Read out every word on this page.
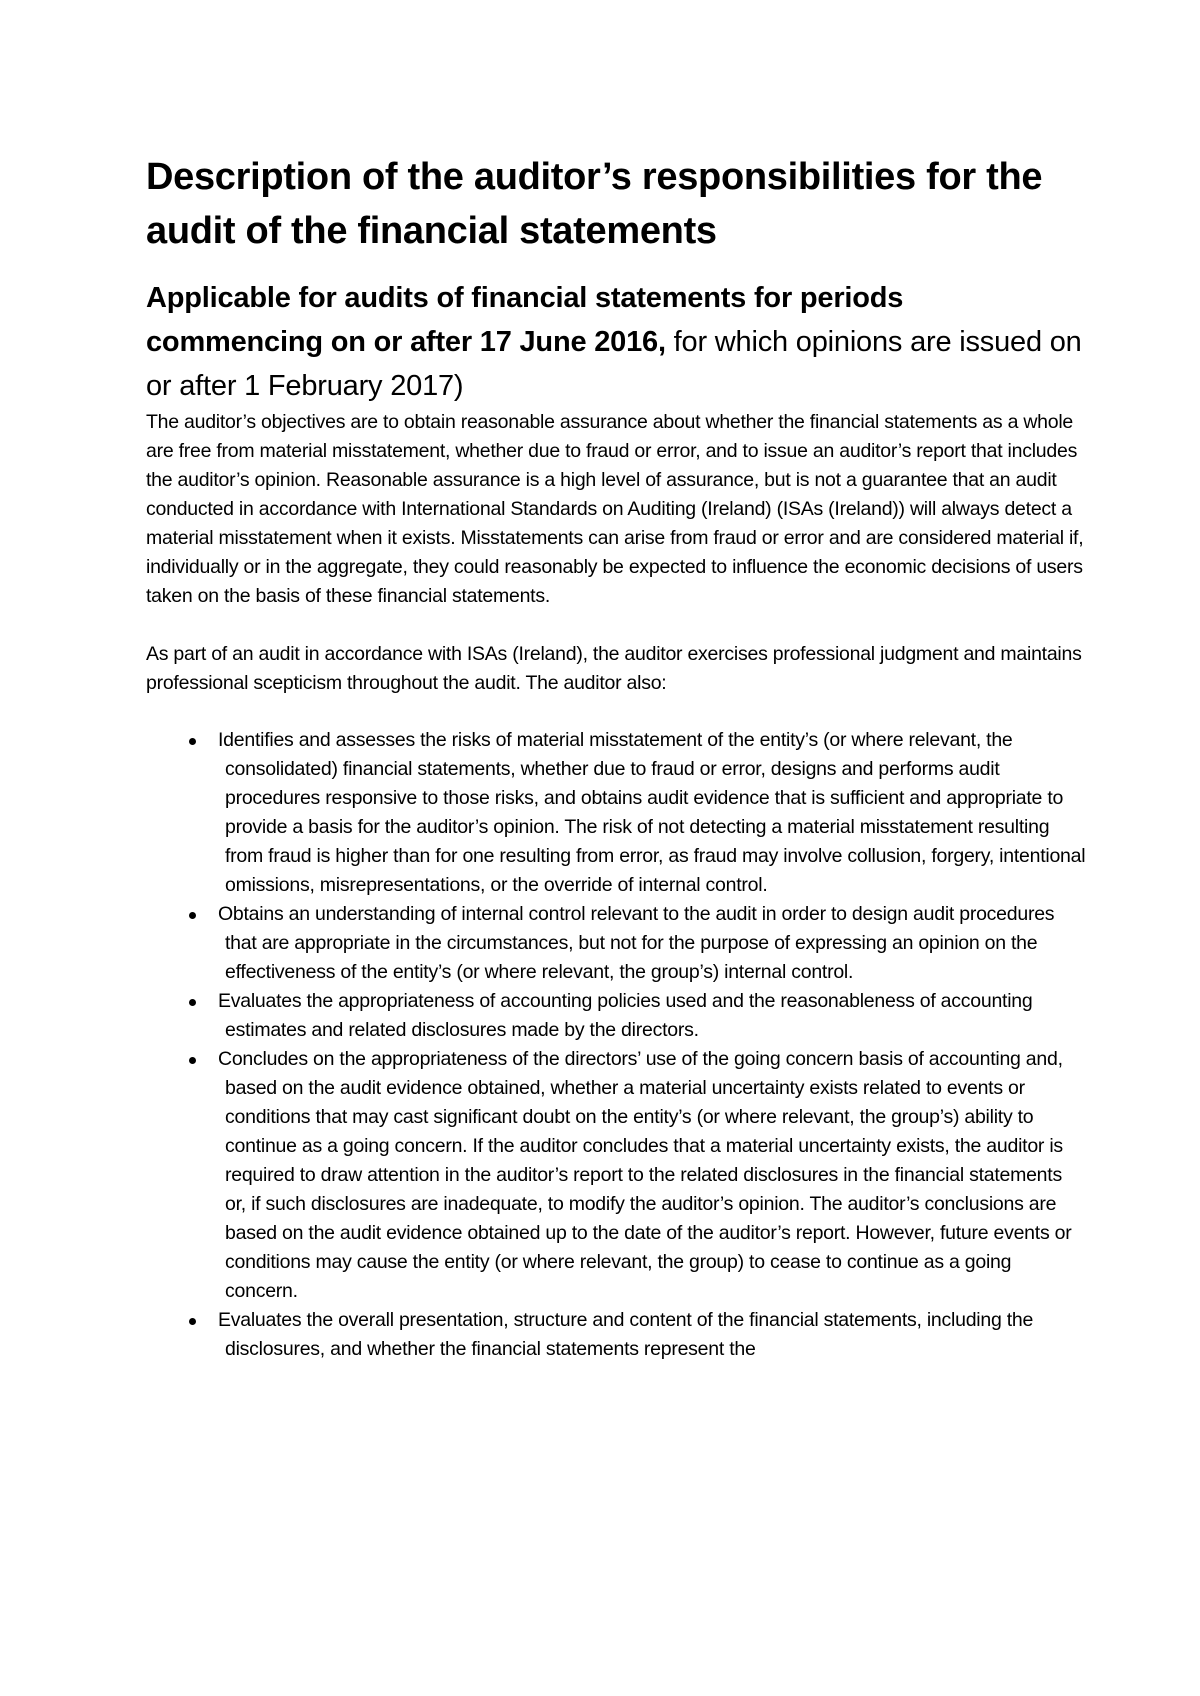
Description of the auditor’s responsibilities for the audit of the financial statements
Applicable for audits of financial statements for periods commencing on or after 17 June 2016, for which opinions are issued on or after 1 February 2017)

The auditor’s objectives are to obtain reasonable assurance about whether the financial statements as a whole are free from material misstatement, whether due to fraud or error, and to issue an auditor’s report that includes the auditor’s opinion. Reasonable assurance is a high level of assurance, but is not a guarantee that an audit conducted in accordance with International Standards on Auditing (Ireland) (ISAs (Ireland)) will always detect a material misstatement when it exists. Misstatements can arise from fraud or error and are considered material if, individually or in the aggregate, they could reasonably be expected to influence the economic decisions of users taken on the basis of these financial statements.

As part of an audit in accordance with ISAs (Ireland), the auditor exercises professional judgment and maintains professional scepticism throughout the audit. The auditor also:

Identifies and assesses the risks of material misstatement of the entity’s (or where relevant, the consolidated) financial statements, whether due to fraud or error, designs and performs audit procedures responsive to those risks, and obtains audit evidence that is sufficient and appropriate to provide a basis for the auditor’s opinion. The risk of not detecting a material misstatement resulting from fraud is higher than for one resulting from error, as fraud may involve collusion, forgery, intentional omissions, misrepresentations, or the override of internal control.
Obtains an understanding of internal control relevant to the audit in order to design audit procedures that are appropriate in the circumstances, but not for the purpose of expressing an opinion on the effectiveness of the entity’s (or where relevant, the group’s) internal control.
Evaluates the appropriateness of accounting policies used and the reasonableness of accounting estimates and related disclosures made by the directors.
Concludes on the appropriateness of the directors’ use of the going concern basis of accounting and, based on the audit evidence obtained, whether a material uncertainty exists related to events or conditions that may cast significant doubt on the entity’s (or where relevant, the group’s) ability to continue as a going concern. If the auditor concludes that a material uncertainty exists, the auditor is required to draw attention in the auditor’s report to the related disclosures in the financial statements or, if such disclosures are inadequate, to modify the auditor’s opinion. The auditor’s conclusions are based on the audit evidence obtained up to the date of the auditor’s report. However, future events or conditions may cause the entity (or where relevant, the group) to cease to continue as a going concern.
Evaluates the overall presentation, structure and content of the financial statements, including the disclosures, and whether the financial statements represent the
